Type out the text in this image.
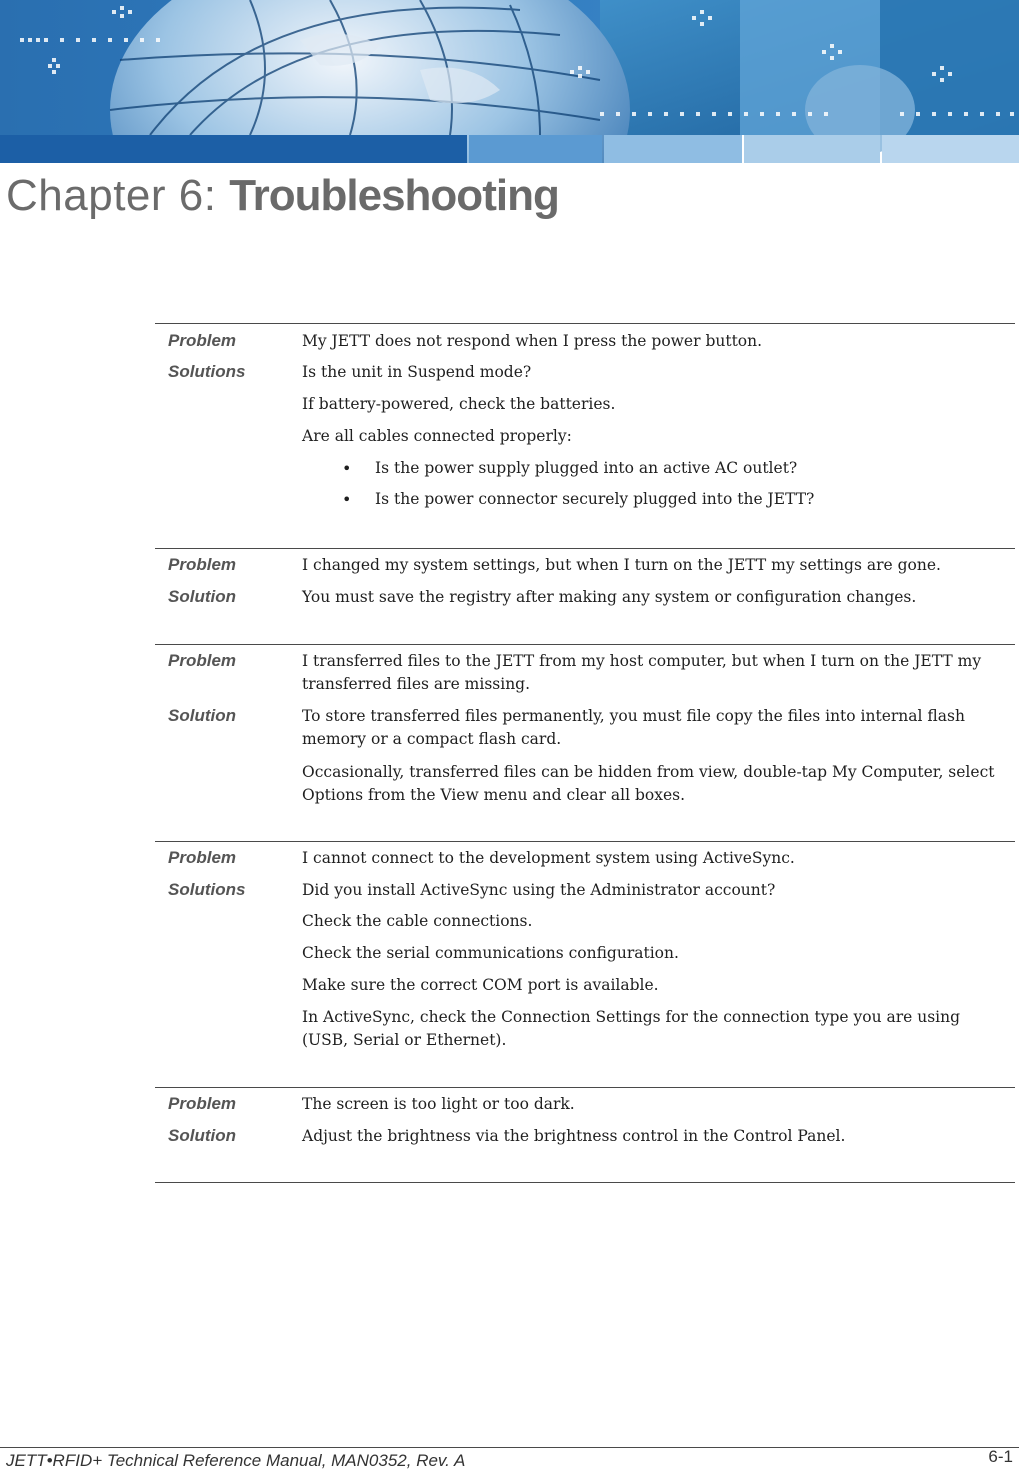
Chapter 6: Troubleshooting
Problem	My JETT does not respond when I press the power button.
Solutions	Is the unit in Suspend mode?
If battery-powered, check the batteries.
Are all cables connected properly:
• Is the power supply plugged into an active AC outlet?
• Is the power connector securely plugged into the JETT?
Problem	I changed my system settings, but when I turn on the JETT my settings are gone.
Solution	You must save the registry after making any system or configuration changes.
Problem	I transferred files to the JETT from my host computer, but when I turn on the JETT my transferred files are missing.
Solution	To store transferred files permanently, you must file copy the files into internal flash memory or a compact flash card.
Occasionally, transferred files can be hidden from view, double-tap My Computer, select Options from the View menu and clear all boxes.
Problem	I cannot connect to the development system using ActiveSync.
Solutions	Did you install ActiveSync using the Administrator account?
Check the cable connections.
Check the serial communications configuration.
Make sure the correct COM port is available.
In ActiveSync, check the Connection Settings for the connection type you are using (USB, Serial or Ethernet).
Problem	The screen is too light or too dark.
Solution	Adjust the brightness via the brightness control in the Control Panel.
JETT•RFID+ Technical Reference Manual, MAN0352, Rev. A	6-1
